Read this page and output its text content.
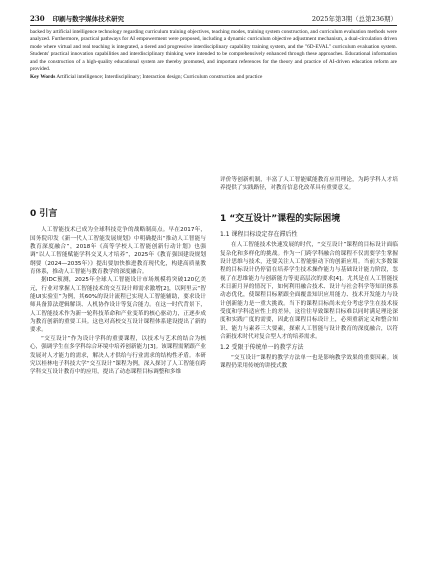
230 印刷与数字媒体技术研究	2025年第3期（总第236期）

backed by artificial intelligence technology regarding curriculum training objectives, teaching modes, training system construction, and curriculum evaluation methods were analyzed. Furthermore, practical pathways for AI empowerment were proposed, including a dynamic curriculum objective adjustment mechanism, a dual-circulation driven mode where virtual and real teaching is integrated, a tiered and progressive interdisciplinary capability training system, and the "6D-EVAL" curriculum evaluation system. Students' practical innovation capabilities and interdisciplinary thinking were intended to be comprehensively enhanced through these approaches. Educational information and the construction of a high-quality educational system are thereby promoted, and important references for the theory and practice of AI-driven education reform are provided.

Key Words Artificial intelligence; Interdisciplinary; Interaction design; Curriculum construction and practice

0 引言

人工智能技术已成为全球科技竞争的战略制高点。早在2017年，国务院印发《新一代人工智能发展规划》中明确提出“推动人工智能与教育深度融合”，2018年《高等学校人工智能创新行动计划》也强调“以人工智能赋能学科交叉人才培养”，2025年《教育强国建设规划纲要（2024—2035年）》提出要加快推进教育现代化，构建高质量教育体系，推动人工智能与教育教学的深度融合。

据IDC预测，2025年全球人工智能设计市场规模将突破120亿美元，行业对掌握人工智能技术的交互设计师需求激增[2]，以阿里云“智能UI实验室”为例，其60%的设计流程已实现人工智能辅助，要求设计师具备算法逻辑解读、人机协作设计等复合能力。在这一时代背景下，人工智能技术作为新一轮科技革命和产业变革的核心驱动力，正逐步成为教育创新的重要工具。这也对高校交互设计课程体系建设提出了新的要求。

“交互设计”作为设计学科的重要课程，以技术与艺术的结合为核心，强调学生在多学科综合环境中培养创新能力[3]。该课程需紧跟产业发展对人才能力的需求，解决人才供给与行业需求的结构性矛盾。本研究以桂林电子科技大学“交互设计”课程为例，深入探讨了人工智能在跨学科交互设计教育中的应用，提出了动态课程目标调整和多维

评价等创新机制，丰富了人工智能赋能教育应用理论，为跨学科人才培养提供了实践路径，对教育信息化改革具有重要意义。

1 “交互设计”课程的实际困境
1.1 课程目标设定存在滞后性

在人工智能技术快速发展的时代，“交互设计”课程的目标设计面临复杂化和多样化的挑战。作为一门跨学科融合的课程不仅需要学生掌握设计思维与技术，还要关注人工智能驱动下的创新应用。当前大多数课程的目标设计仍停留在培养学生技术操作能力与基础设计能力阶段，忽视了在思维能力与创新能力等更高层次的要求[4]。尤其是在人工智能技术日新月异的情况下，如何利用融合技术、设计与社会科学等知识体系动态优化，使课程目标紧跟全面覆盖知识应用能力、技术开发能力与设计创新能力是一重大挑战。当下的课程目标尚未充分考虑学生在技术接受度和学科适应性上的差异，这往往导致课程目标难以同时满足理论深度和实践广度的需要，因此在课程目标设计上，必须重新定义和整合知识、能力与素养三大要素，探索人工智能与设计教育的深度融合，以符合新技术时代对复合型人才的培养需求。

1.2 受限于传统单一的教学方法

“交互设计”课程的教学方法单一也是影响教学效果的重要因素。该课程仍采用传统的讲授式教
